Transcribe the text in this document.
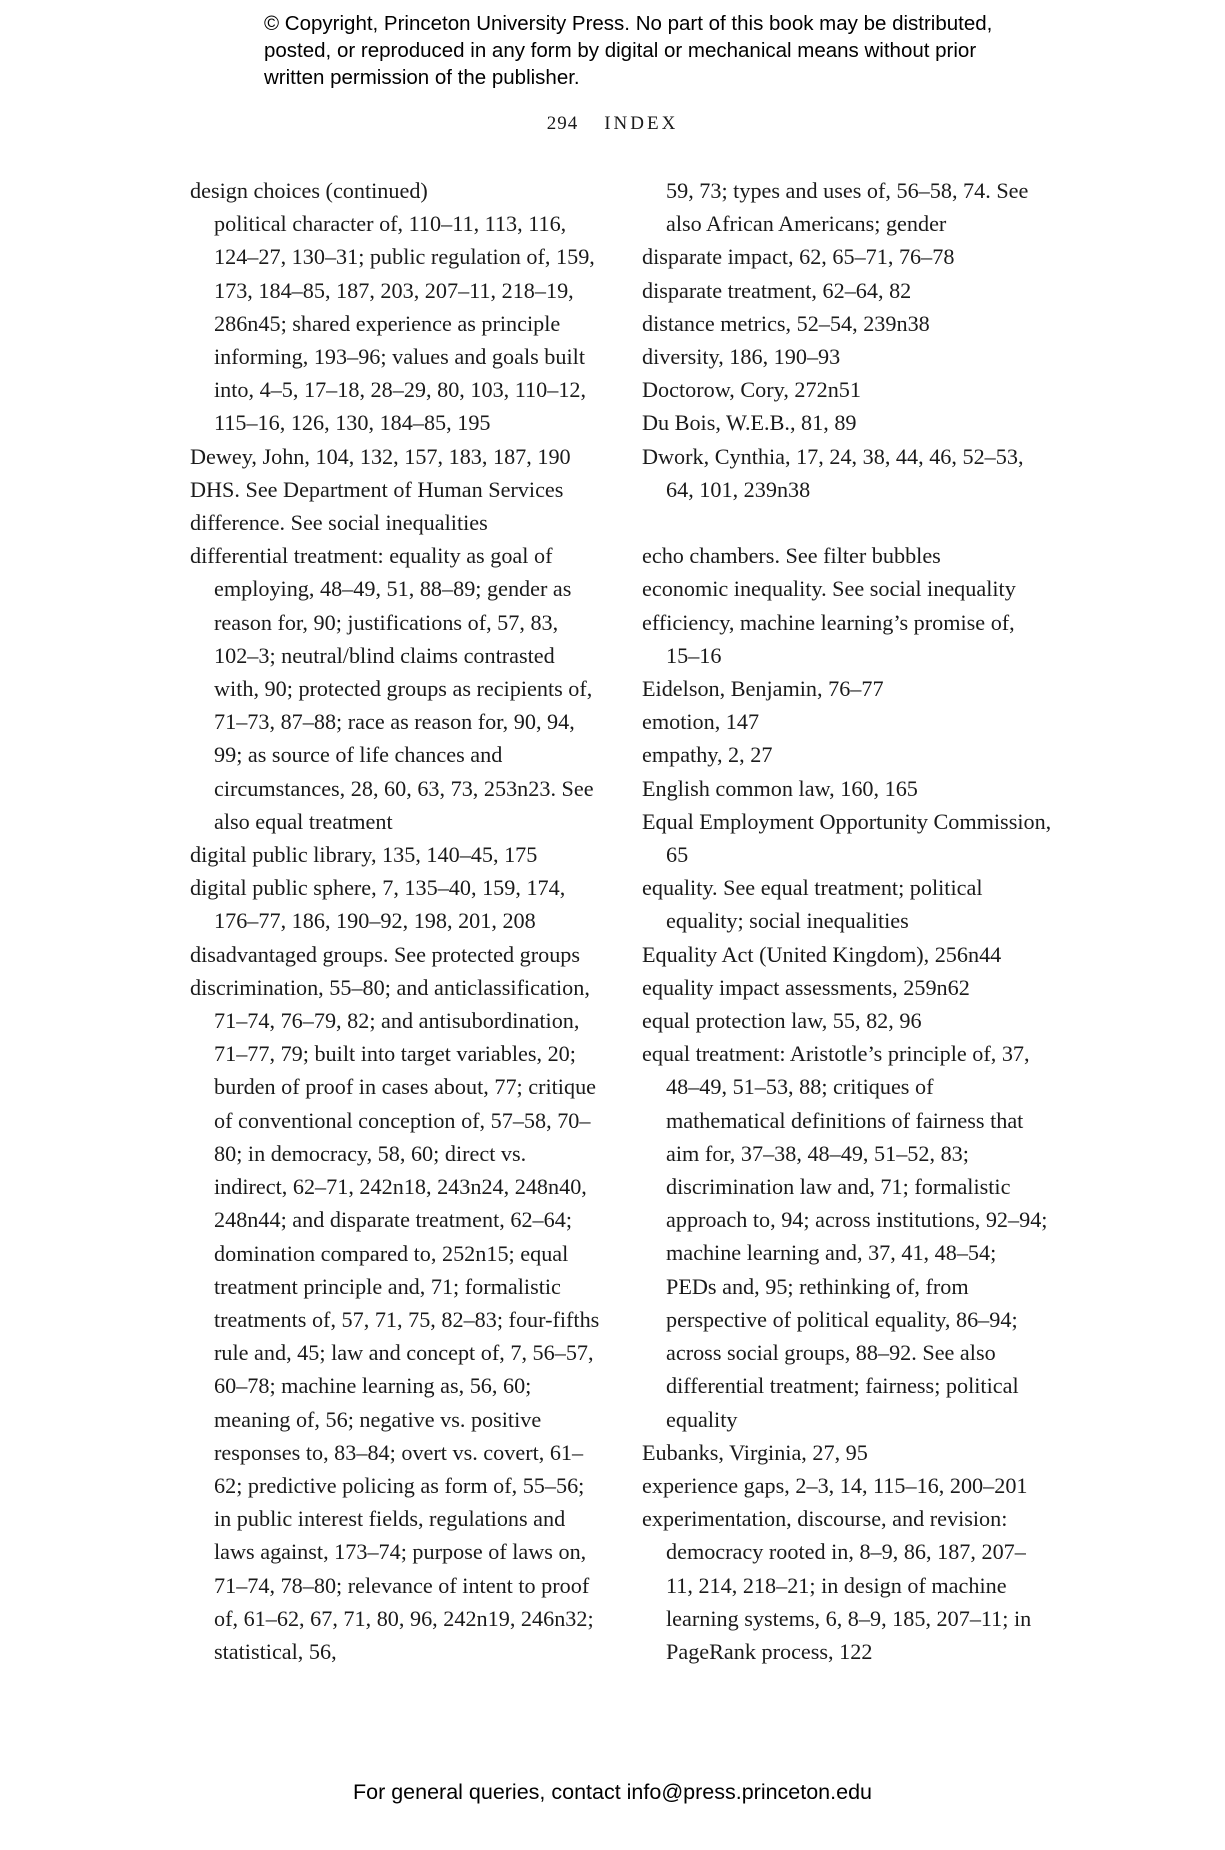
© Copyright, Princeton University Press. No part of this book may be distributed, posted, or reproduced in any form by digital or mechanical means without prior written permission of the publisher.
294 INDEX

design choices (continued)

political character of, 110–11, 113, 116, 124–27, 130–31; public regulation of, 159, 173, 184–85, 187, 203, 207–11, 218–19, 286n45; shared experience as principle informing, 193–96; values and goals built into, 4–5, 17–18, 28–29, 80, 103, 110–12, 115–16, 126, 130, 184–85, 195

Dewey, John, 104, 132, 157, 183, 187, 190

DHS. See Department of Human Services

difference. See social inequalities

differential treatment: equality as goal of employing, 48–49, 51, 88–89; gender as reason for, 90; justifications of, 57, 83, 102–3; neutral/blind claims contrasted with, 90; protected groups as recipients of, 71–73, 87–88; race as reason for, 90, 94, 99; as source of life chances and circumstances, 28, 60, 63, 73, 253n23. See also equal treatment

digital public library, 135, 140–45, 175

digital public sphere, 7, 135–40, 159, 174, 176–77, 186, 190–92, 198, 201, 208

disadvantaged groups. See protected groups

discrimination, 55–80; and anticlassification, 71–74, 76–79, 82; and antisubordination, 71–77, 79; built into target variables, 20; burden of proof in cases about, 77; critique of conventional conception of, 57–58, 70–80; in democracy, 58, 60; direct vs. indirect, 62–71, 242n18, 243n24, 248n40, 248n44; and disparate treatment, 62–64; domination compared to, 252n15; equal treatment principle and, 71; formalistic treatments of, 57, 71, 75, 82–83; four-fifths rule and, 45; law and concept of, 7, 56–57, 60–78; machine learning as, 56, 60; meaning of, 56; negative vs. positive responses to, 83–84; overt vs. covert, 61–62; predictive policing as form of, 55–56; in public interest fields, regulations and laws against, 173–74; purpose of laws on, 71–74, 78–80; relevance of intent to proof of, 61–62, 67, 71, 80, 96, 242n19, 246n32; statistical, 56,

59, 73; types and uses of, 56–58, 74. See also African Americans; gender

disparate impact, 62, 65–71, 76–78

disparate treatment, 62–64, 82

distance metrics, 52–54, 239n38

diversity, 186, 190–93

Doctorow, Cory, 272n51

Du Bois, W.E.B., 81, 89

Dwork, Cynthia, 17, 24, 38, 44, 46, 52–53, 64, 101, 239n38

echo chambers. See filter bubbles

economic inequality. See social inequality

efficiency, machine learning’s promise of, 15–16

Eidelson, Benjamin, 76–77

emotion, 147

empathy, 2, 27

English common law, 160, 165

Equal Employment Opportunity Commission, 65

equality. See equal treatment; political equality; social inequalities

Equality Act (United Kingdom), 256n44

equality impact assessments, 259n62

equal protection law, 55, 82, 96

equal treatment: Aristotle’s principle of, 37, 48–49, 51–53, 88; critiques of mathematical definitions of fairness that aim for, 37–38, 48–49, 51–52, 83; discrimination law and, 71; formalistic approach to, 94; across institutions, 92–94; machine learning and, 37, 41, 48–54; PEDs and, 95; rethinking of, from perspective of political equality, 86–94; across social groups, 88–92. See also differential treatment; fairness; political equality

Eubanks, Virginia, 27, 95

experience gaps, 2–3, 14, 115–16, 200–201

experimentation, discourse, and revision: democracy rooted in, 8–9, 86, 187, 207–11, 214, 218–21; in design of machine learning systems, 6, 8–9, 185, 207–11; in PageRank process, 122

For general queries, contact info@press.princeton.edu
